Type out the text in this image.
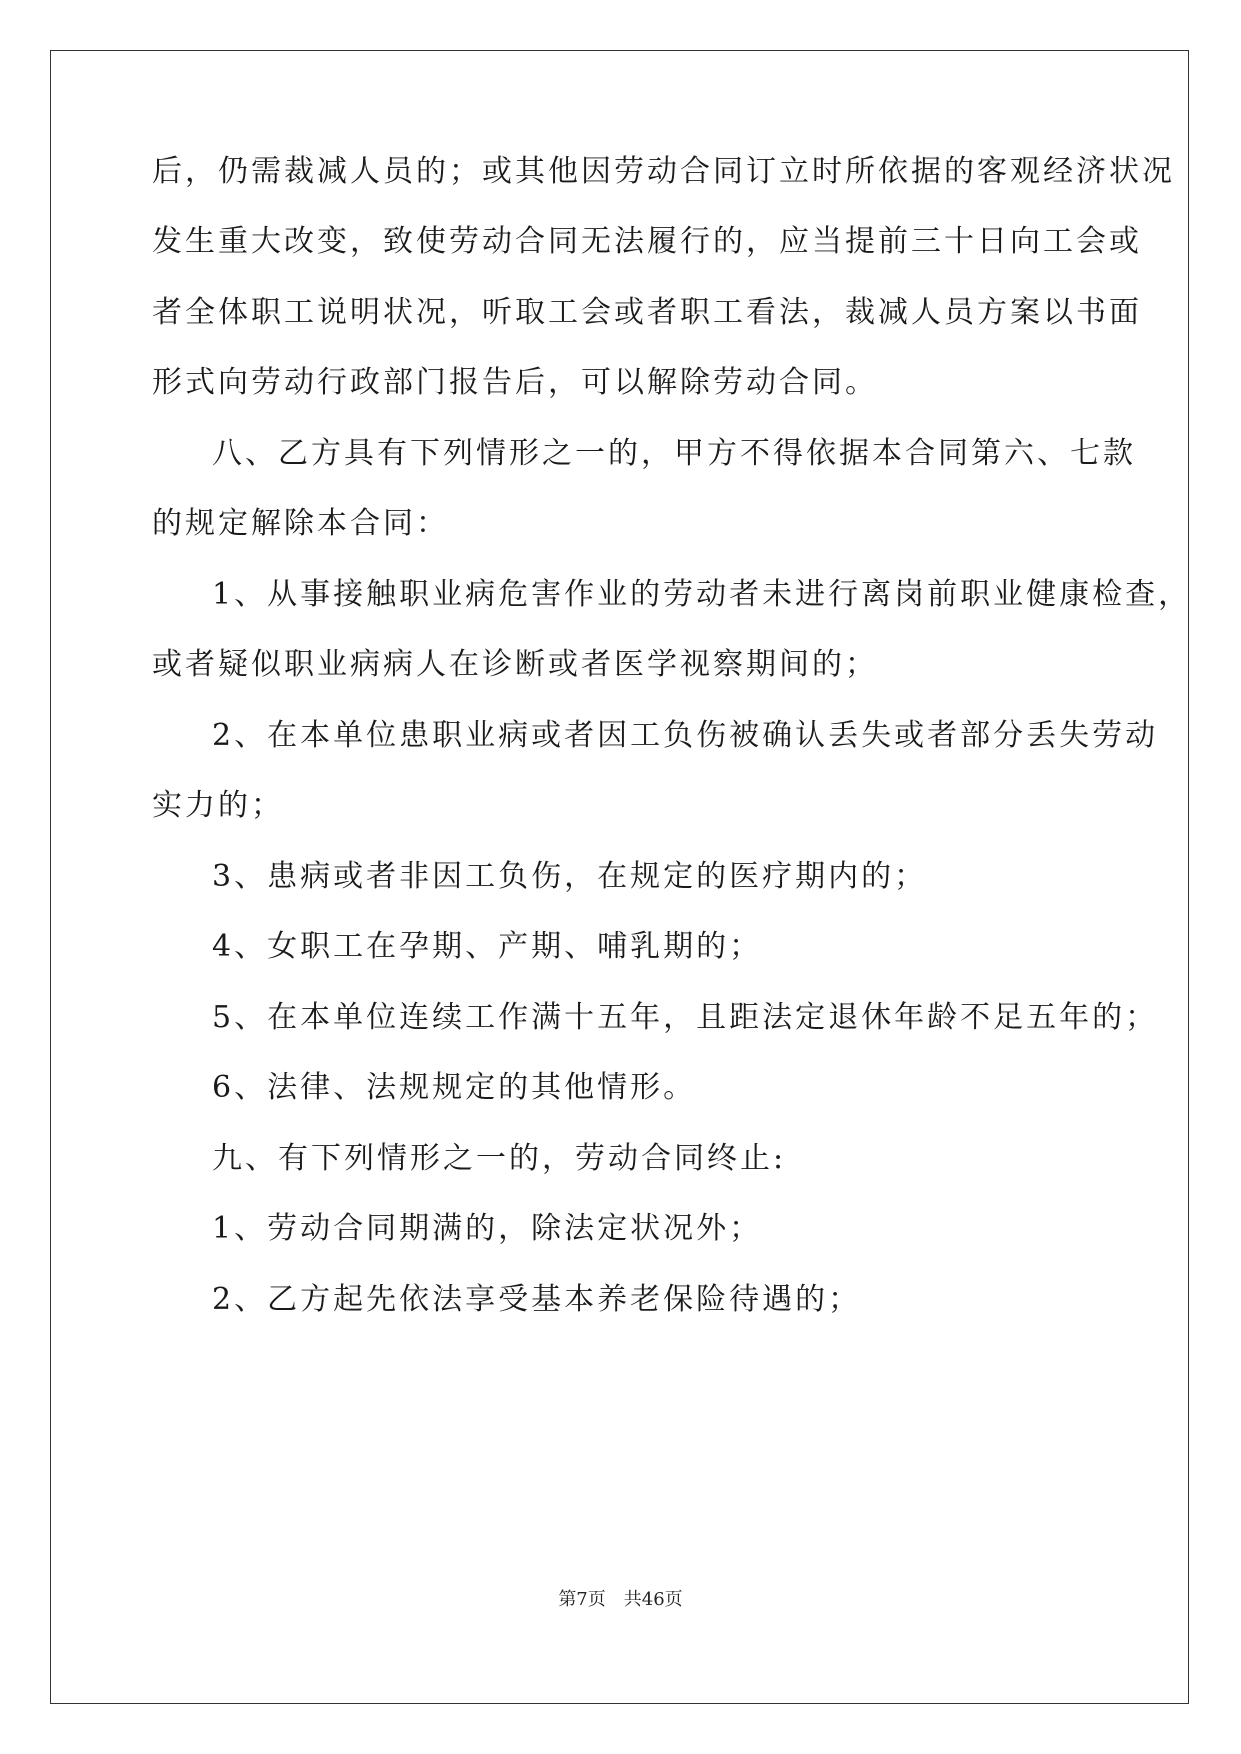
后，仍需裁减人员的；或其他因劳动合同订立时所依据的客观经济状况
发生重大改变，致使劳动合同无法履行的，应当提前三十日向工会或
者全体职工说明状况，听取工会或者职工看法，裁减人员方案以书面
形式向劳动行政部门报告后，可以解除劳动合同。
八、乙方具有下列情形之一的，甲方不得依据本合同第六、七款
的规定解除本合同：
1、从事接触职业病危害作业的劳动者未进行离岗前职业健康检查，
或者疑似职业病病人在诊断或者医学视察期间的；
2、在本单位患职业病或者因工负伤被确认丢失或者部分丢失劳动
实力的；
3、患病或者非因工负伤，在规定的医疗期内的；
4、女职工在孕期、产期、哺乳期的；
5、在本单位连续工作满十五年，且距法定退休年龄不足五年的；
6、法律、法规规定的其他情形。
九、有下列情形之一的，劳动合同终止:
1、劳动合同期满的，除法定状况外；
2、乙方起先依法享受基本养老保险待遇的；
第7页 共46页
